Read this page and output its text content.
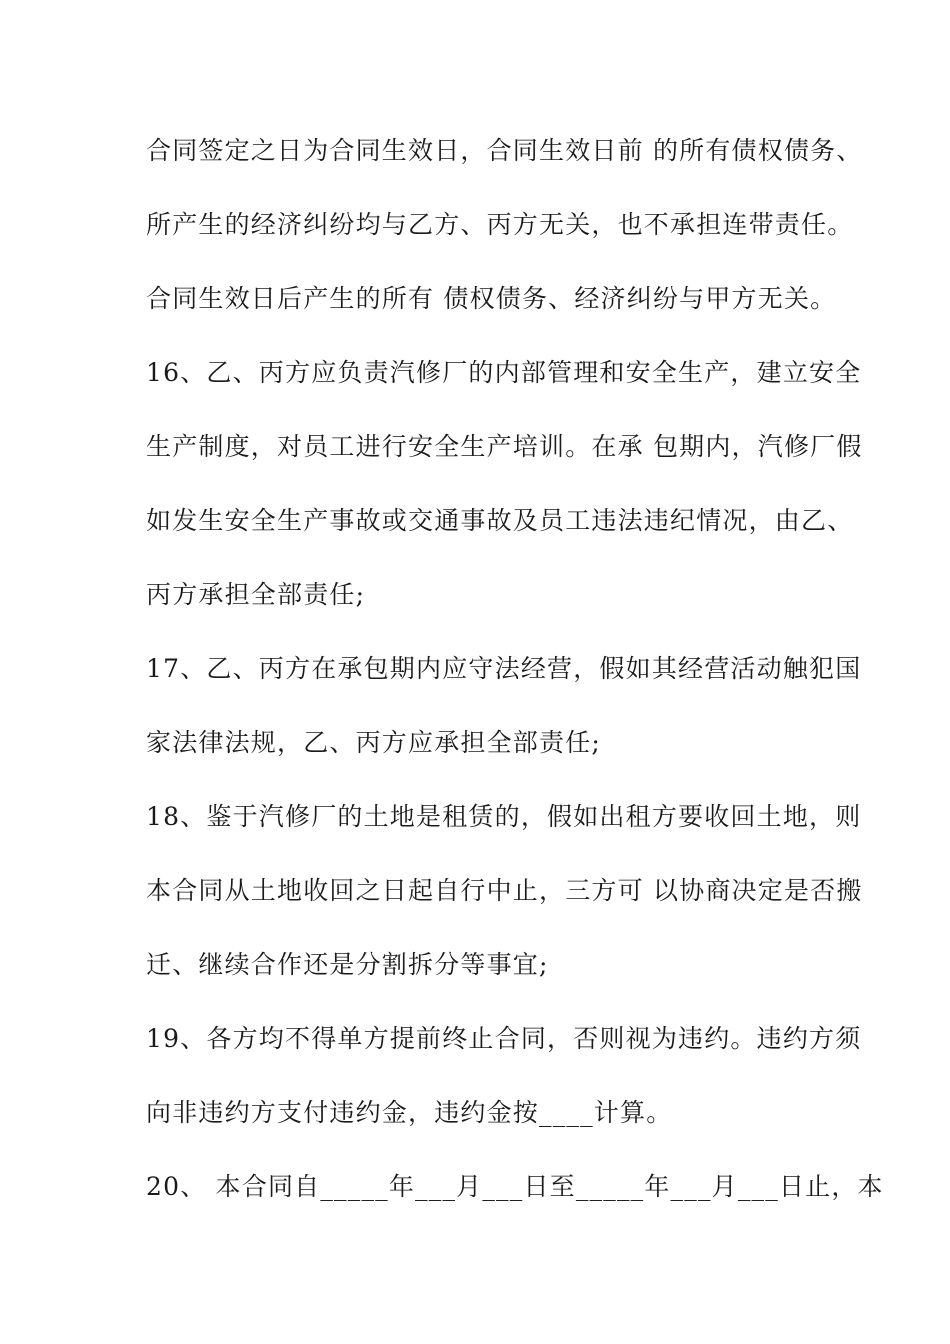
合同签定之日为合同生效日，合同生效日前 的所有债权债务、
所产生的经济纠纷均与乙方、丙方无关，也不承担连带责任。
合同生效日后产生的所有 债权债务、经济纠纷与甲方无关。
16、乙、丙方应负责汽修厂的内部管理和安全生产，建立安全
生产制度，对员工进行安全生产培训。在承 包期内，汽修厂假
如发生安全生产事故或交通事故及员工违法违纪情况，由乙、
丙方承担全部责任;
17、乙、丙方在承包期内应守法经营，假如其经营活动触犯国
家法律法规，乙、丙方应承担全部责任;
18、鉴于汽修厂的土地是租赁的，假如出租方要收回土地，则
本合同从土地收回之日起自行中止，三方可 以协商决定是否搬
迁、继续合作还是分割拆分等事宜;
19、各方均不得单方提前终止合同，否则视为违约。违约方须
向非违约方支付违约金，违约金按____计算。
20、 本合同自_____年___月___日至_____年___月___日止，本
